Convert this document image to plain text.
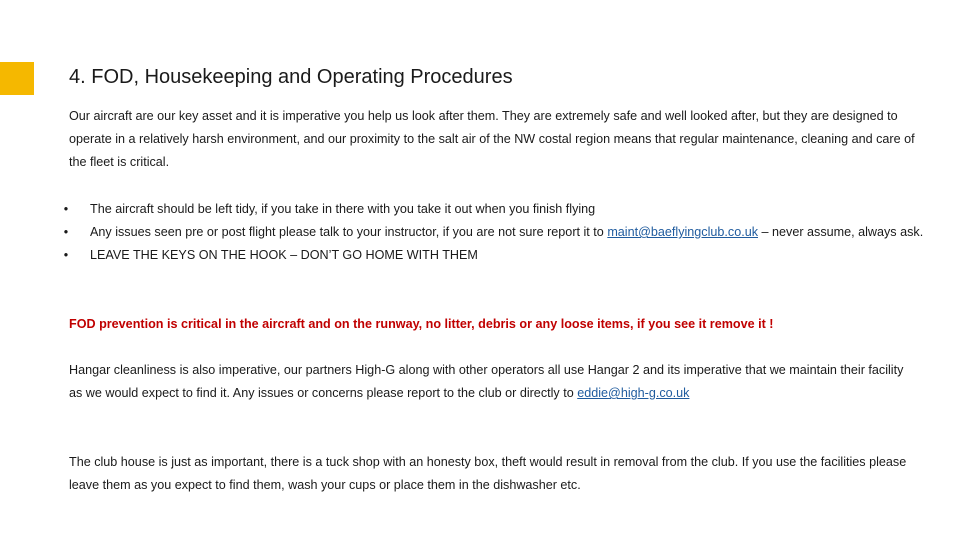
4. FOD, Housekeeping and Operating Procedures
Our aircraft are our key asset and it is imperative you help us look after them. They are extremely safe and well looked after, but they are designed to operate in a relatively harsh environment, and our proximity to the salt air of the NW costal region means that regular maintenance, cleaning and care of the fleet is critical.
•	The aircraft should be left tidy, if you take in there with you take it out when you finish flying
•	Any issues seen pre or post flight please talk to your instructor, if you are not sure report it to maint@baeflyingclub.co.uk – never assume, always ask.
•	LEAVE THE KEYS ON THE HOOK – DON’T GO HOME WITH THEM
FOD prevention is critical in the aircraft and on the runway, no litter, debris or any loose items, if you see it remove it !
Hangar cleanliness is also imperative, our partners High-G along with other operators all use Hangar 2 and its imperative that we maintain their facility as we would expect to find it. Any issues or concerns please report to the club or directly to eddie@high-g.co.uk
The club house is just as important, there is a tuck shop with an honesty box, theft would result in removal from the club. If you use the facilities please leave them as you expect to find them, wash your cups or place them in the dishwasher etc.
